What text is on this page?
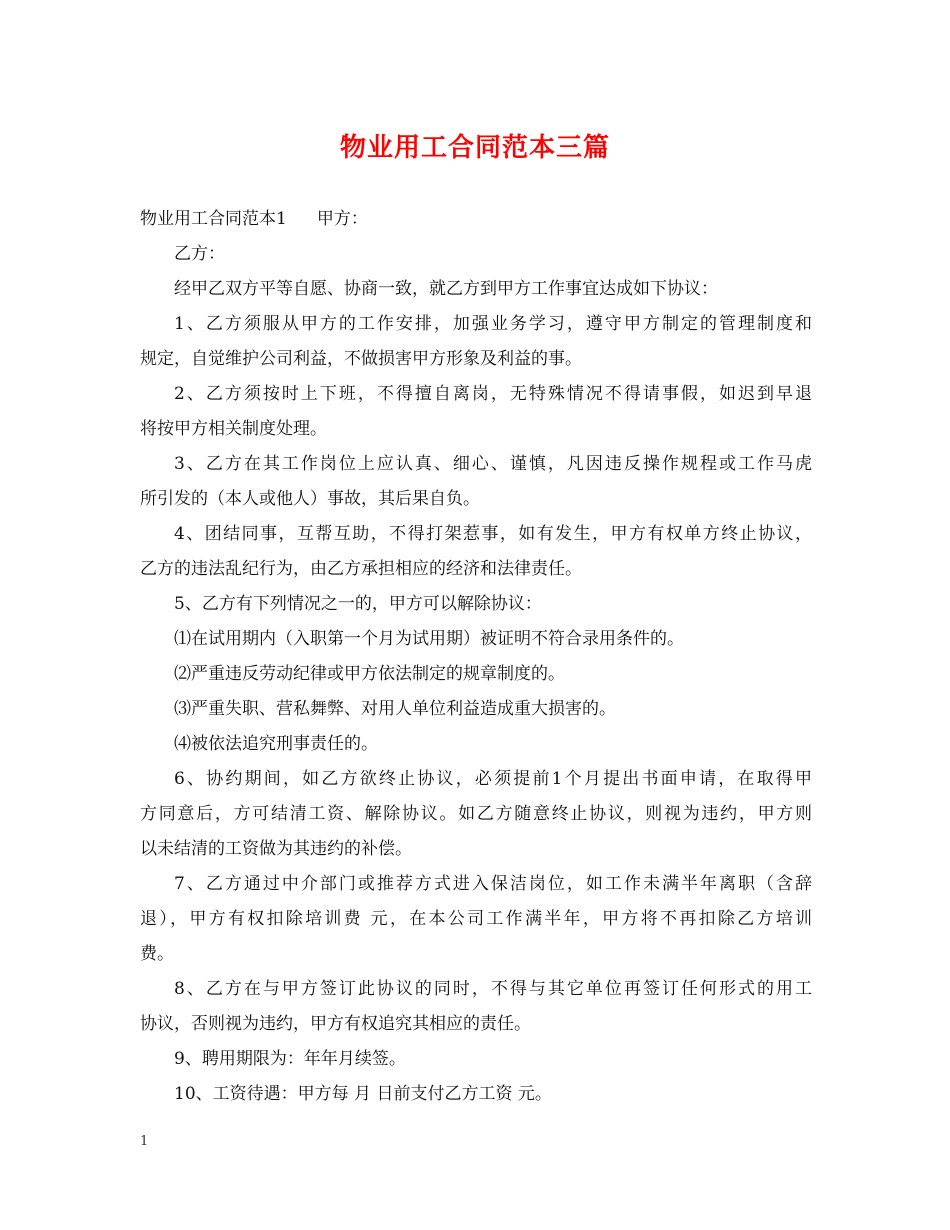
物业用工合同范本三篇
物业用工合同范本1 甲方：
乙方：
经甲乙双方平等自愿、协商一致，就乙方到甲方工作事宜达成如下协议：
1、乙方须服从甲方的工作安排，加强业务学习，遵守甲方制定的管理制度和
规定，自觉维护公司利益，不做损害甲方形象及利益的事。
2、乙方须按时上下班，不得擅自离岗，无特殊情况不得请事假，如迟到早退
将按甲方相关制度处理。
3、乙方在其工作岗位上应认真、细心、谨慎，凡因违反操作规程或工作马虎
所引发的（本人或他人）事故，其后果自负。
4、团结同事，互帮互助，不得打架惹事，如有发生，甲方有权单方终止协议，
乙方的违法乱纪行为，由乙方承担相应的经济和法律责任。
5、乙方有下列情况之一的，甲方可以解除协议：
⑴在试用期内（入职第一个月为试用期）被证明不符合录用条件的。
⑵严重违反劳动纪律或甲方依法制定的规章制度的。
⑶严重失职、营私舞弊、对用人单位利益造成重大损害的。
⑷被依法追究刑事责任的。
6、协约期间，如乙方欲终止协议，必须提前1个月提出书面申请，在取得甲
方同意后，方可结清工资、解除协议。如乙方随意终止协议，则视为违约，甲方则
以未结清的工资做为其违约的补偿。
7、乙方通过中介部门或推荐方式进入保洁岗位，如工作未满半年离职（含辞
退），甲方有权扣除培训费 元，在本公司工作满半年，甲方将不再扣除乙方培训
费。
8、乙方在与甲方签订此协议的同时，不得与其它单位再签订任何形式的用工
协议，否则视为违约，甲方有权追究其相应的责任。
9、聘用期限为：年年月续签。
10、工资待遇：甲方每 月 日前支付乙方工资 元。
1
